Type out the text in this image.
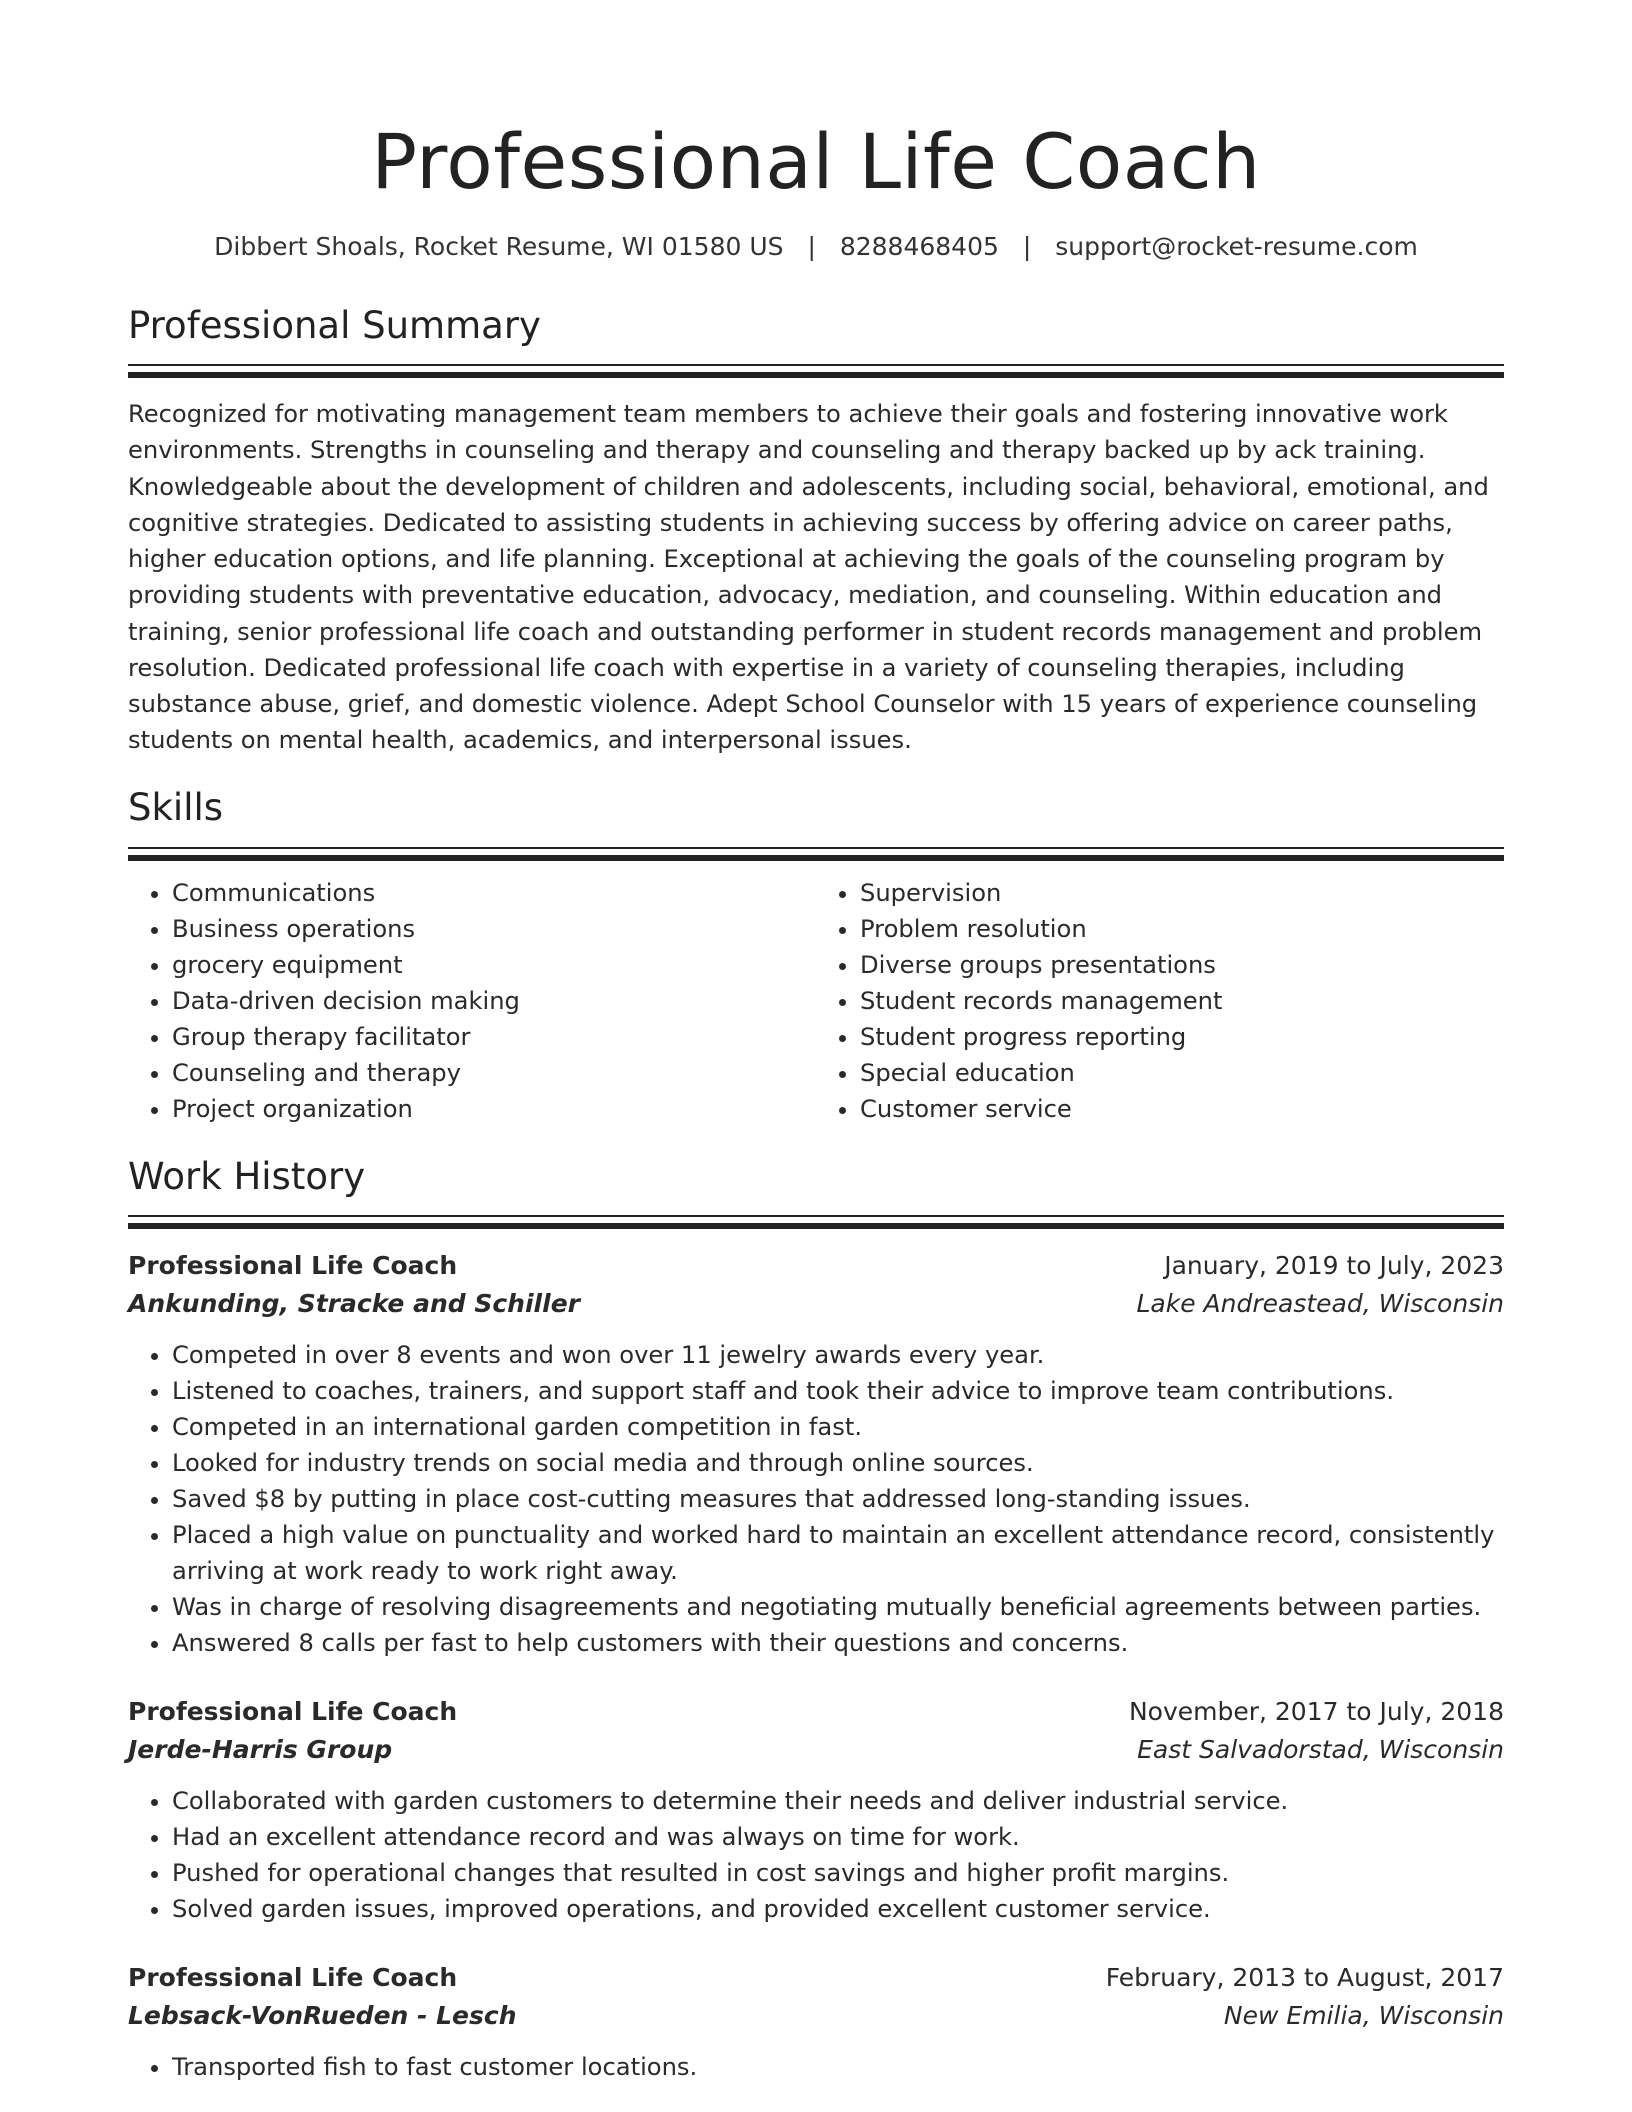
Professional Life Coach
Dibbert Shoals, Rocket Resume, WI 01580 US | 8288468405 | support@rocket-resume.com
Professional Summary

Recognized for motivating management team members to achieve their goals and fostering innovative work environments. Strengths in counseling and therapy and counseling and therapy backed up by ack training. Knowledgeable about the development of children and adolescents, including social, behavioral, emotional, and cognitive strategies. Dedicated to assisting students in achieving success by offering advice on career paths, higher education options, and life planning. Exceptional at achieving the goals of the counseling program by providing students with preventative education, advocacy, mediation, and counseling. Within education and training, senior professional life coach and outstanding performer in student records management and problem resolution. Dedicated professional life coach with expertise in a variety of counseling therapies, including substance abuse, grief, and domestic violence. Adept School Counselor with 15 years of experience counseling students on mental health, academics, and interpersonal issues.

Skills
• Communications
• Business operations
• grocery equipment
• Data-driven decision making
• Group therapy facilitator
• Counseling and therapy
• Project organization
• Supervision
• Problem resolution
• Diverse groups presentations
• Student records management
• Student progress reporting
• Special education
• Customer service
Work History
Professional Life Coach	January, 2019 to July, 2023
Ankunding, Stracke and Schiller	Lake Andreastead, Wisconsin
• Competed in over 8 events and won over 11 jewelry awards every year.
• Listened to coaches, trainers, and support staff and took their advice to improve team contributions.
• Competed in an international garden competition in fast.
• Looked for industry trends on social media and through online sources.
• Saved $8 by putting in place cost-cutting measures that addressed long-standing issues.
• Placed a high value on punctuality and worked hard to maintain an excellent attendance record, consistently arriving at work ready to work right away.
• Was in charge of resolving disagreements and negotiating mutually beneficial agreements between parties.
• Answered 8 calls per fast to help customers with their questions and concerns.
Professional Life Coach	November, 2017 to July, 2018
Jerde-Harris Group	East Salvadorstad, Wisconsin
• Collaborated with garden customers to determine their needs and deliver industrial service.
• Had an excellent attendance record and was always on time for work.
• Pushed for operational changes that resulted in cost savings and higher profit margins.
• Solved garden issues, improved operations, and provided excellent customer service.
Professional Life Coach	February, 2013 to August, 2017
Lebsack-VonRueden - Lesch	New Emilia, Wisconsin
• Transported fish to fast customer locations.
